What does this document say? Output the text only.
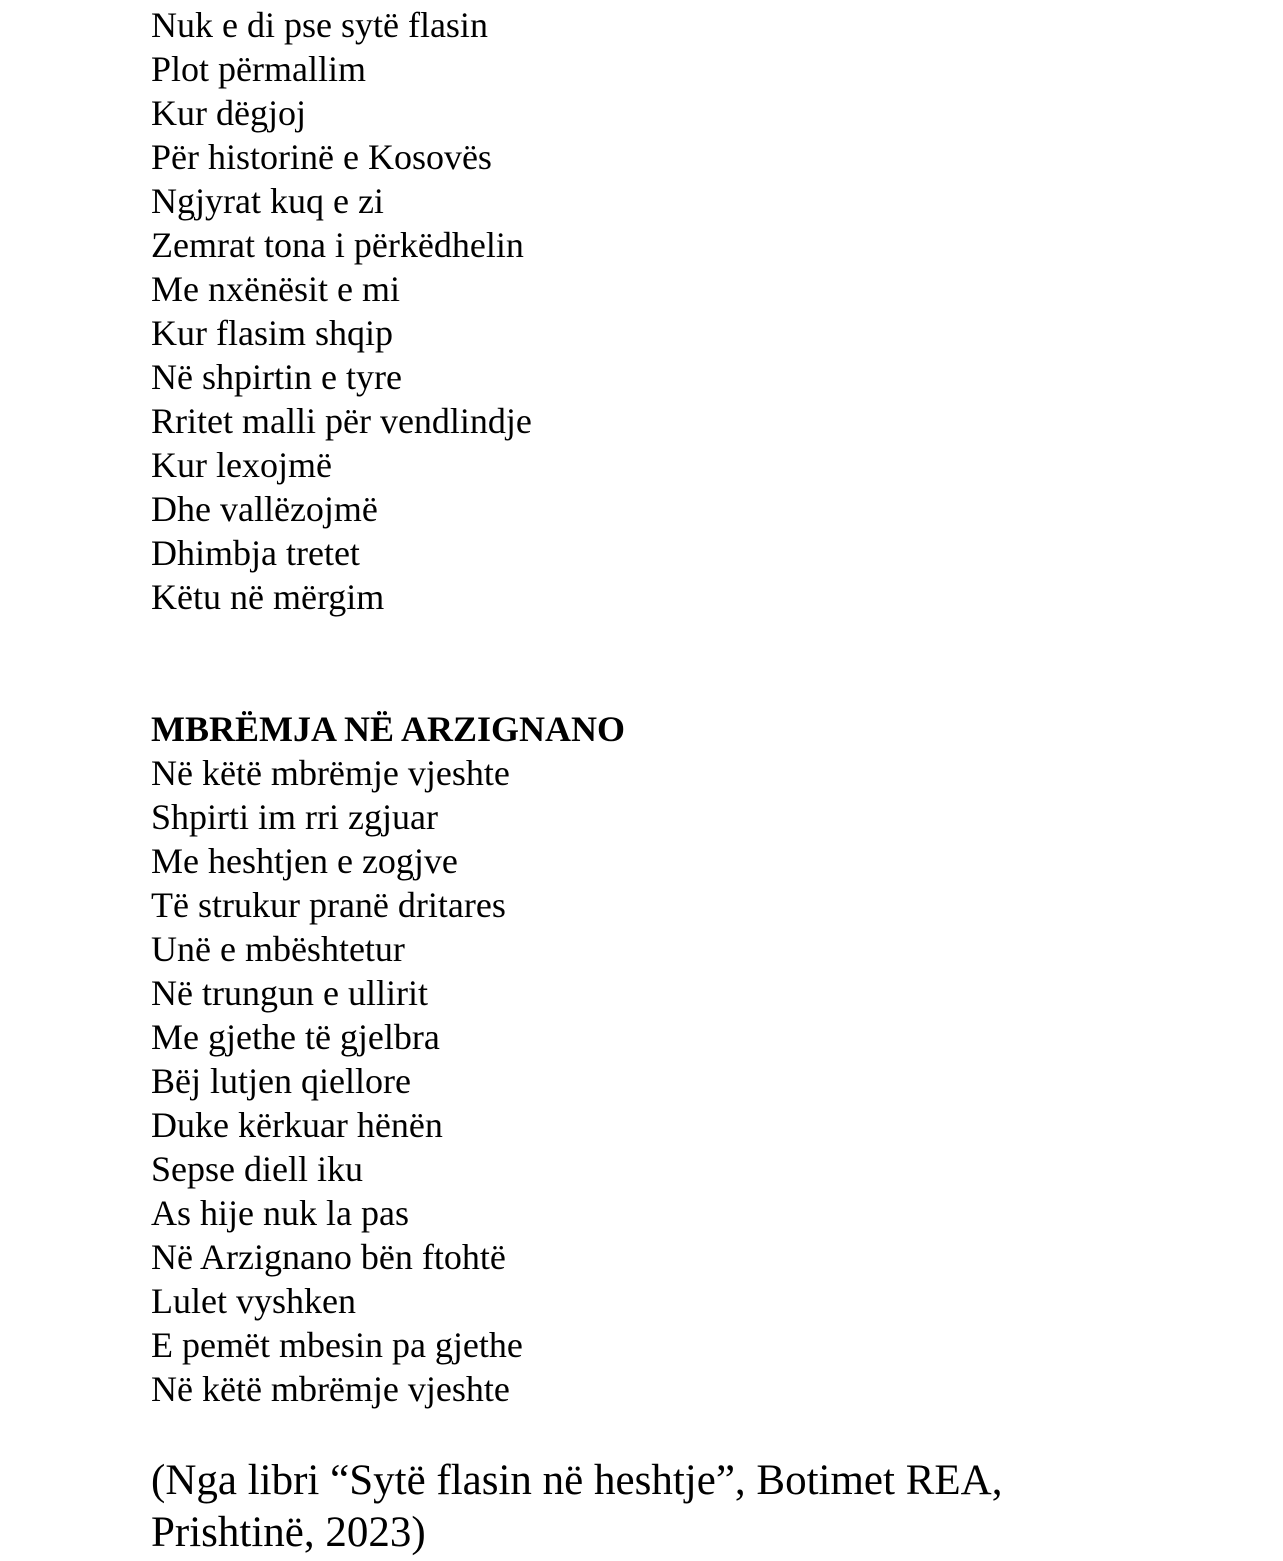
Nuk e di pse sytë flasin
Plot përmallim
Kur dëgjoj
Për historinë e Kosovës
Ngjyrat kuq e zi
Zemrat tona i përkëdhelin
Me nxënësit e mi
Kur flasim shqip
Në shpirtin e tyre
Rritet malli për vendlindje
Kur lexojmë
Dhe vallëzojmë
Dhimbja tretet
Këtu në mërgim
MBRËMJA NË ARZIGNANO
Në këtë mbrëmje vjeshte
Shpirti im rri zgjuar
Me heshtjen e zogjve
Të strukur pranë dritares
Unë e mbështetur
Në trungun e ullirit
Me gjethe të gjelbra
Bëj lutjen qiellore
Duke kërkuar hënën
Sepse diell iku
As hije nuk la pas
Në Arzignano bën ftohtë
Lulet vyshken
E pemët mbesin pa gjethe
Në këtë mbrëmje vjeshte
(Nga libri “Sytë flasin në heshtje”, Botimet REA,
Prishtinë, 2023)
